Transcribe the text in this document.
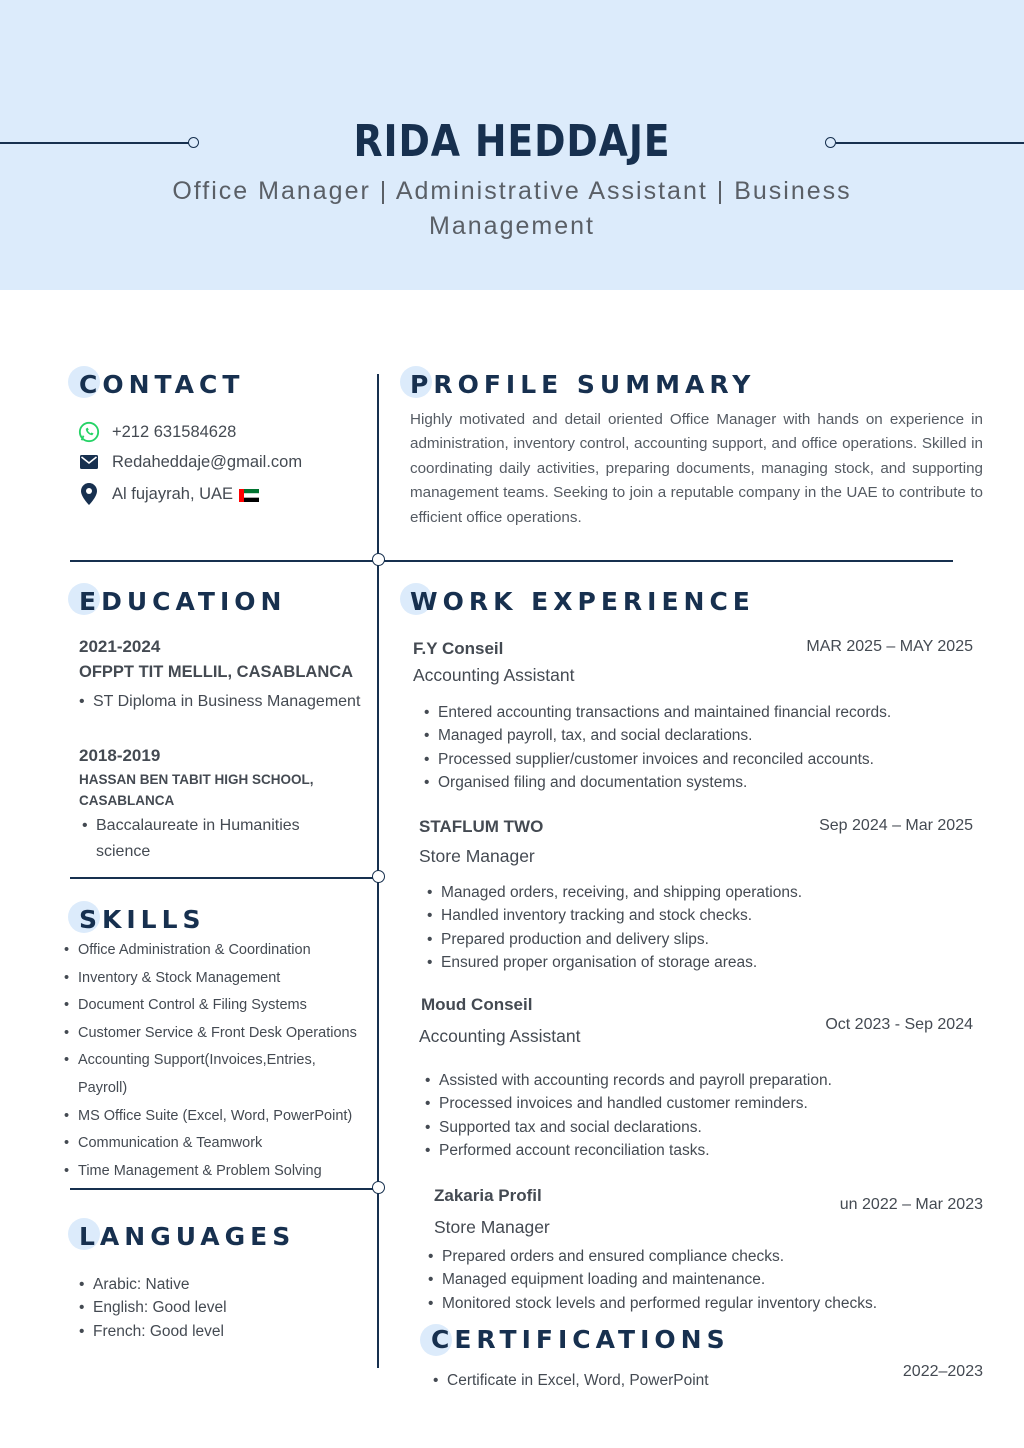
RIDA HEDDAJE
Office Manager | Administrative Assistant | Business Management
CONTACT
+212 631584628
Redaheddaje@gmail.com
Al fujayrah, UAE
PROFILE SUMMARY
Highly motivated and detail oriented Office Manager with hands on experience in administration, inventory control, accounting support, and office operations. Skilled in coordinating daily activities, preparing documents, managing stock, and supporting management teams. Seeking to join a reputable company in the UAE to contribute to efficient office operations.
EDUCATION
2021-2024
OFPPT TIT MELLIL, CASABLANCA
• ST Diploma in Business Management
2018-2019
HASSAN BEN TABIT HIGH SCHOOL, CASABLANCA
• Baccalaureate in Humanities science
SKILLS
• Office Administration & Coordination
• Inventory & Stock Management
• Document Control & Filing Systems
• Customer Service & Front Desk Operations
• Accounting Support(Invoices,Entries, Payroll)
• MS Office Suite (Excel, Word, PowerPoint)
• Communication & Teamwork
• Time Management & Problem Solving
LANGUAGES
• Arabic: Native
• English: Good level
• French: Good level
WORK EXPERIENCE
F.Y Conseil	MAR 2025 – MAY 2025
Accounting Assistant
• Entered accounting transactions and maintained financial records.
• Managed payroll, tax, and social declarations.
• Processed supplier/customer invoices and reconciled accounts.
• Organised filing and documentation systems.
STAFLUM TWO	Sep 2024 – Mar 2025
Store Manager
• Managed orders, receiving, and shipping operations.
• Handled inventory tracking and stock checks.
• Prepared production and delivery slips.
• Ensured proper organisation of storage areas.
Moud Conseil
Oct 2023 - Sep 2024
Accounting Assistant
• Assisted with accounting records and payroll preparation.
• Processed invoices and handled customer reminders.
• Supported tax and social declarations.
• Performed account reconciliation tasks.
Zakaria Profil	un 2022 – Mar 2023
Store Manager
• Prepared orders and ensured compliance checks.
• Managed equipment loading and maintenance.
• Monitored stock levels and performed regular inventory checks.
CERTIFICATIONS
• Certificate in Excel, Word, PowerPoint
2022–2023
